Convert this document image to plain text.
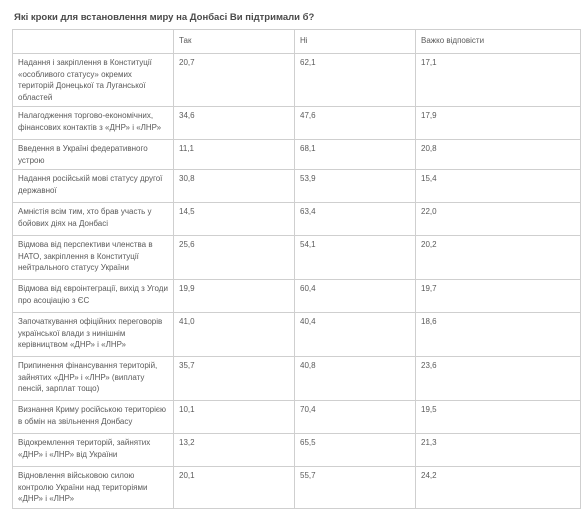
Які кроки для встановлення миру на Донбасі Ви підтримали б?
	Так	Ні	Важко відповісти
Надання і закріплення в Конституції «особливого статусу» окремих територій Донецької та Луганської областей	20,7	62,1	17,1
Налагодження торгово-економічних, фінансових контактів з «ДНР» і «ЛНР»	34,6	47,6	17,9
Введення в Україні федеративного устрою	11,1	68,1	20,8
Надання російській мові статусу другої державної	30,8	53,9	15,4
Амністія всім тим, хто брав участь у бойових діях на Донбасі	14,5	63,4	22,0
Відмова від перспективи членства в НАТО, закріплення в Конституції нейтрального статусу України	25,6	54,1	20,2
Відмова від євроінтеграції, вихід з Угоди про асоціацію з ЄС	19,9	60,4	19,7
Започаткування офіційних переговорів української влади з нинішнім керівництвом «ДНР» і «ЛНР»	41,0	40,4	18,6
Припинення фінансування територій, зайнятих «ДНР» і «ЛНР» (виплату пенсій, зарплат тощо)	35,7	40,8	23,6
Визнання Криму російською територією в обмін на звільнення Донбасу	10,1	70,4	19,5
Відокремлення територій, зайнятих «ДНР» і «ЛНР» від України	13,2	65,5	21,3
Відновлення військовою силою контролю України над територіями «ДНР» і «ЛНР»	20,1	55,7	24,2
